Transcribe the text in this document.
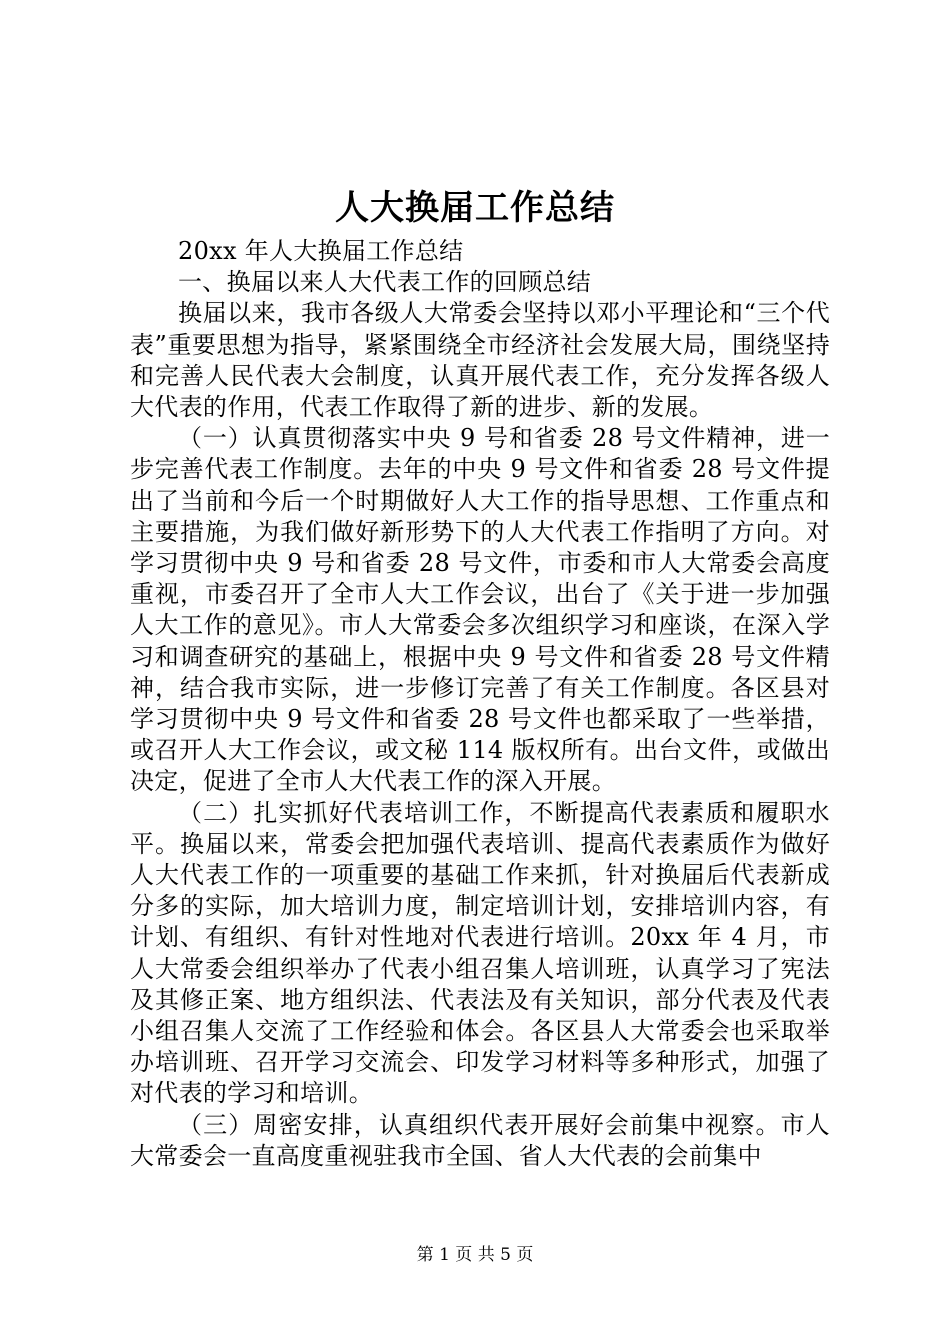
人大换届工作总结

20xx 年人大换届工作总结

一、换届以来人大代表工作的回顾总结

换届以来，我市各级人大常委会坚持以邓小平理论和“三个代表”重要思想为指导，紧紧围绕全市经济社会发展大局，围绕坚持和完善人民代表大会制度，认真开展代表工作，充分发挥各级人大代表的作用，代表工作取得了新的进步、新的发展。

（一）认真贯彻落实中央 9 号和省委 28 号文件精神，进一步完善代表工作制度。去年的中央 9 号文件和省委 28 号文件提出了当前和今后一个时期做好人大工作的指导思想、工作重点和主要措施，为我们做好新形势下的人大代表工作指明了方向。对学习贯彻中央 9 号和省委 28 号文件，市委和市人大常委会高度重视，市委召开了全市人大工作会议，出台了《关于进一步加强人大工作的意见》。市人大常委会多次组织学习和座谈，在深入学习和调查研究的基础上，根据中央 9 号文件和省委 28 号文件精神，结合我市实际，进一步修订完善了有关工作制度。各区县对学习贯彻中央 9 号文件和省委 28 号文件也都采取了一些举措，或召开人大工作会议，或文秘 114 版权所有。出台文件，或做出决定，促进了全市人大代表工作的深入开展。

（二）扎实抓好代表培训工作，不断提高代表素质和履职水平。换届以来，常委会把加强代表培训、提高代表素质作为做好人大代表工作的一项重要的基础工作来抓，针对换届后代表新成分多的实际，加大培训力度，制定培训计划，安排培训内容，有计划、有组织、有针对性地对代表进行培训。20xx 年 4 月，市人大常委会组织举办了代表小组召集人培训班，认真学习了宪法及其修正案、地方组织法、代表法及有关知识，部分代表及代表小组召集人交流了工作经验和体会。各区县人大常委会也采取举办培训班、召开学习交流会、印发学习材料等多种形式，加强了对代表的学习和培训。

（三）周密安排，认真组织代表开展好会前集中视察。市人大常委会一直高度重视驻我市全国、省人大代表的会前集中

第 1 页 共 5 页
